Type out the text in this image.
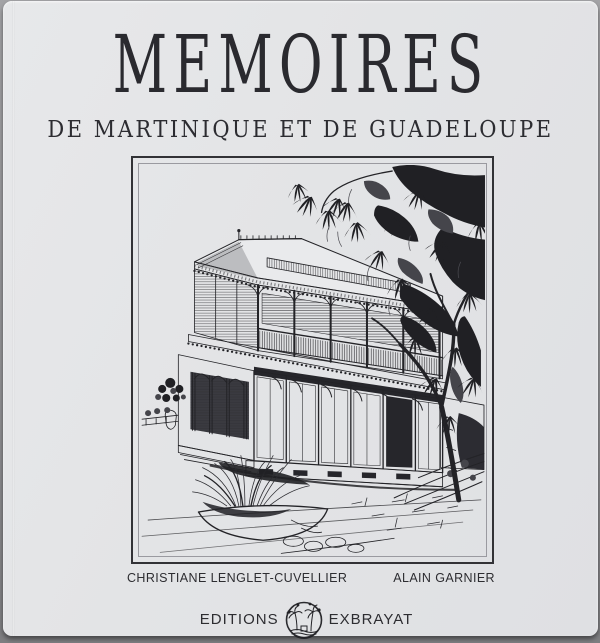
MEMOIRES
DE MARTINIQUE ET DE GUADELOUPE
CHRISTIANE LENGLET-CUVELLIER	ALAIN GARNIER
EDITIONS	EXBRAYAT
